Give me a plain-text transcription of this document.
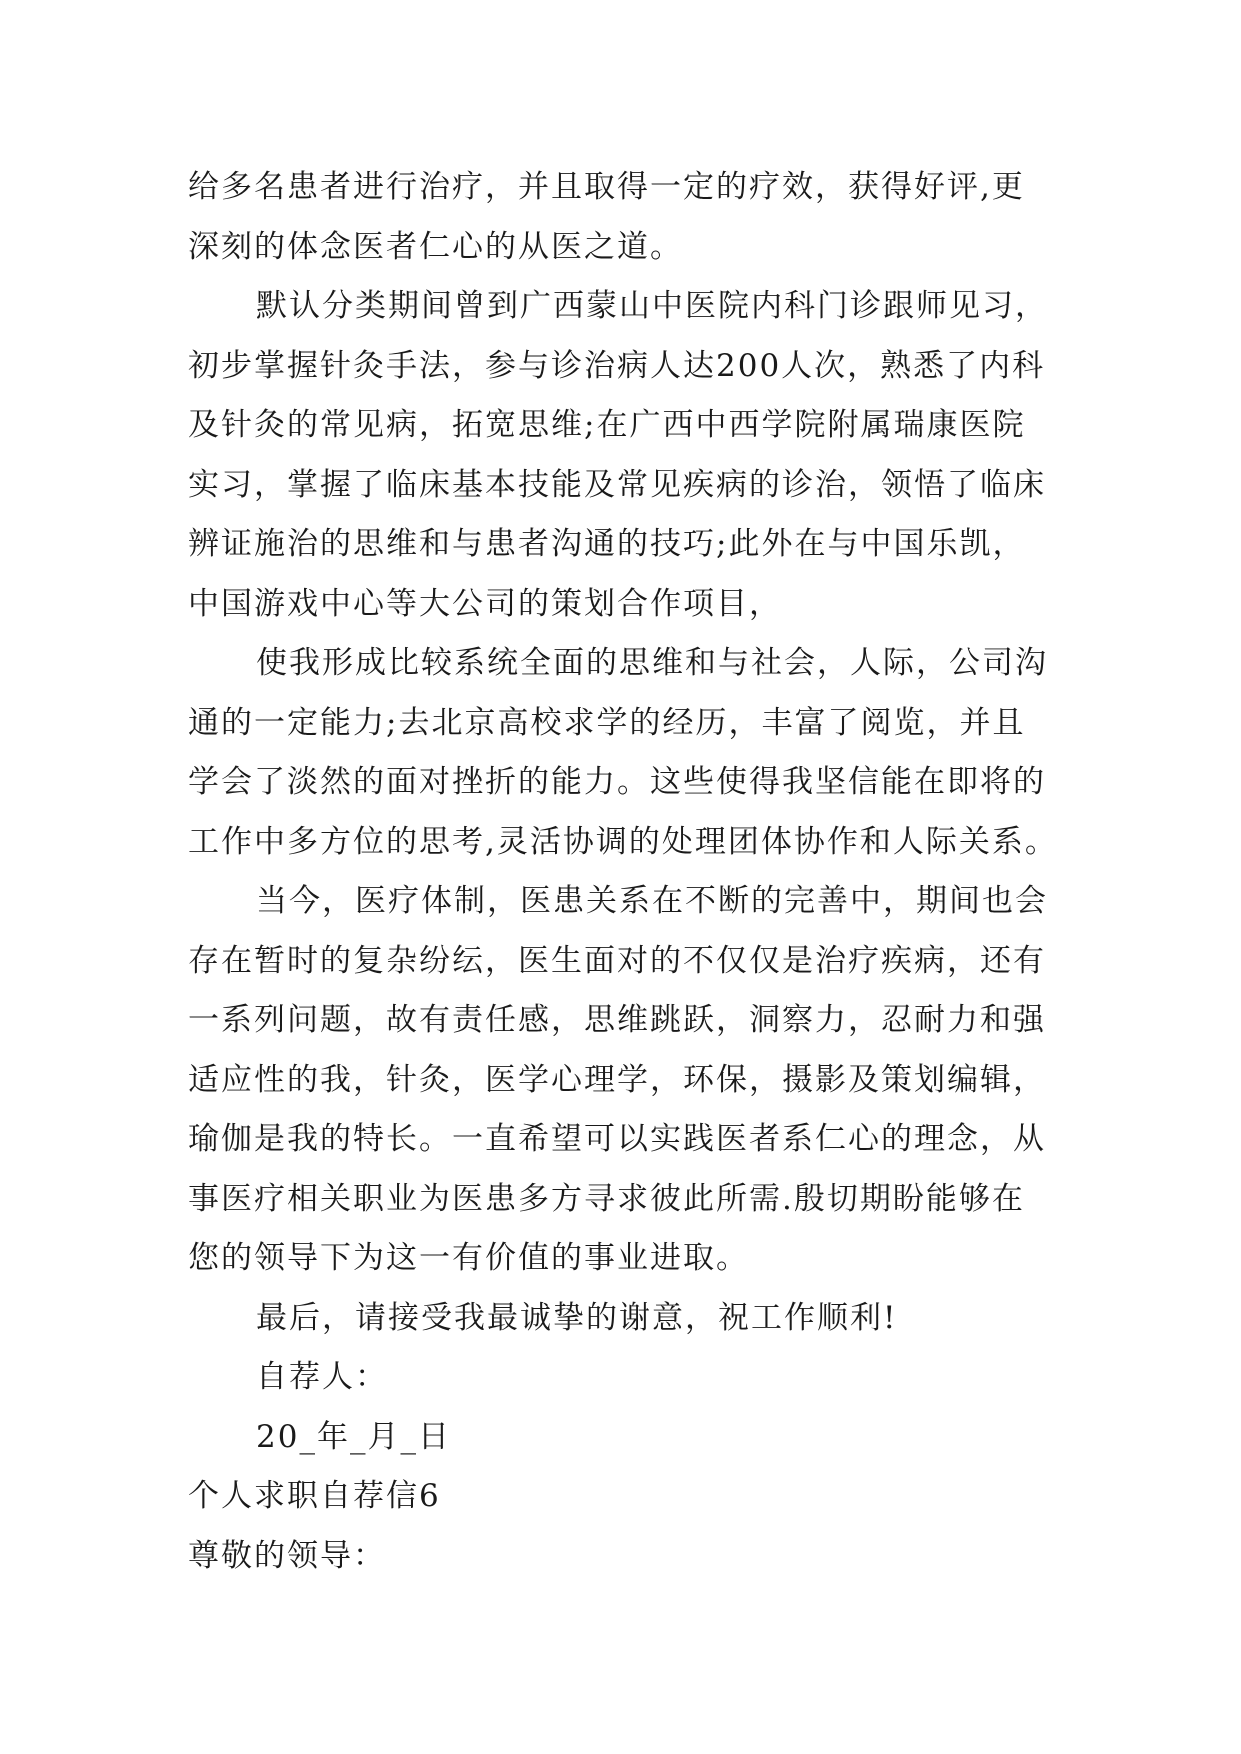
给多名患者进行治疗，并且取得一定的疗效，获得好评,更
深刻的体念医者仁心的从医之道。
默认分类期间曾到广西蒙山中医院内科门诊跟师见习，
初步掌握针灸手法，参与诊治病人达200人次，熟悉了内科
及针灸的常见病，拓宽思维;在广西中西学院附属瑞康医院
实习，掌握了临床基本技能及常见疾病的诊治，领悟了临床
辨证施治的思维和与患者沟通的技巧;此外在与中国乐凯，
中国游戏中心等大公司的策划合作项目，
使我形成比较系统全面的思维和与社会，人际，公司沟
通的一定能力;去北京高校求学的经历，丰富了阅览，并且
学会了淡然的面对挫折的能力。这些使得我坚信能在即将的
工作中多方位的思考,灵活协调的处理团体协作和人际关系。
当今，医疗体制，医患关系在不断的完善中，期间也会
存在暂时的复杂纷纭，医生面对的不仅仅是治疗疾病，还有
一系列问题，故有责任感，思维跳跃，洞察力，忍耐力和强
适应性的我，针灸，医学心理学，环保，摄影及策划编辑，
瑜伽是我的特长。一直希望可以实践医者系仁心的理念，从
事医疗相关职业为医患多方寻求彼此所需.殷切期盼能够在
您的领导下为这一有价值的事业进取。
最后，请接受我最诚挚的谢意，祝工作顺利!
自荐人：
20_年_月_日
个人求职自荐信6
尊敬的领导：
